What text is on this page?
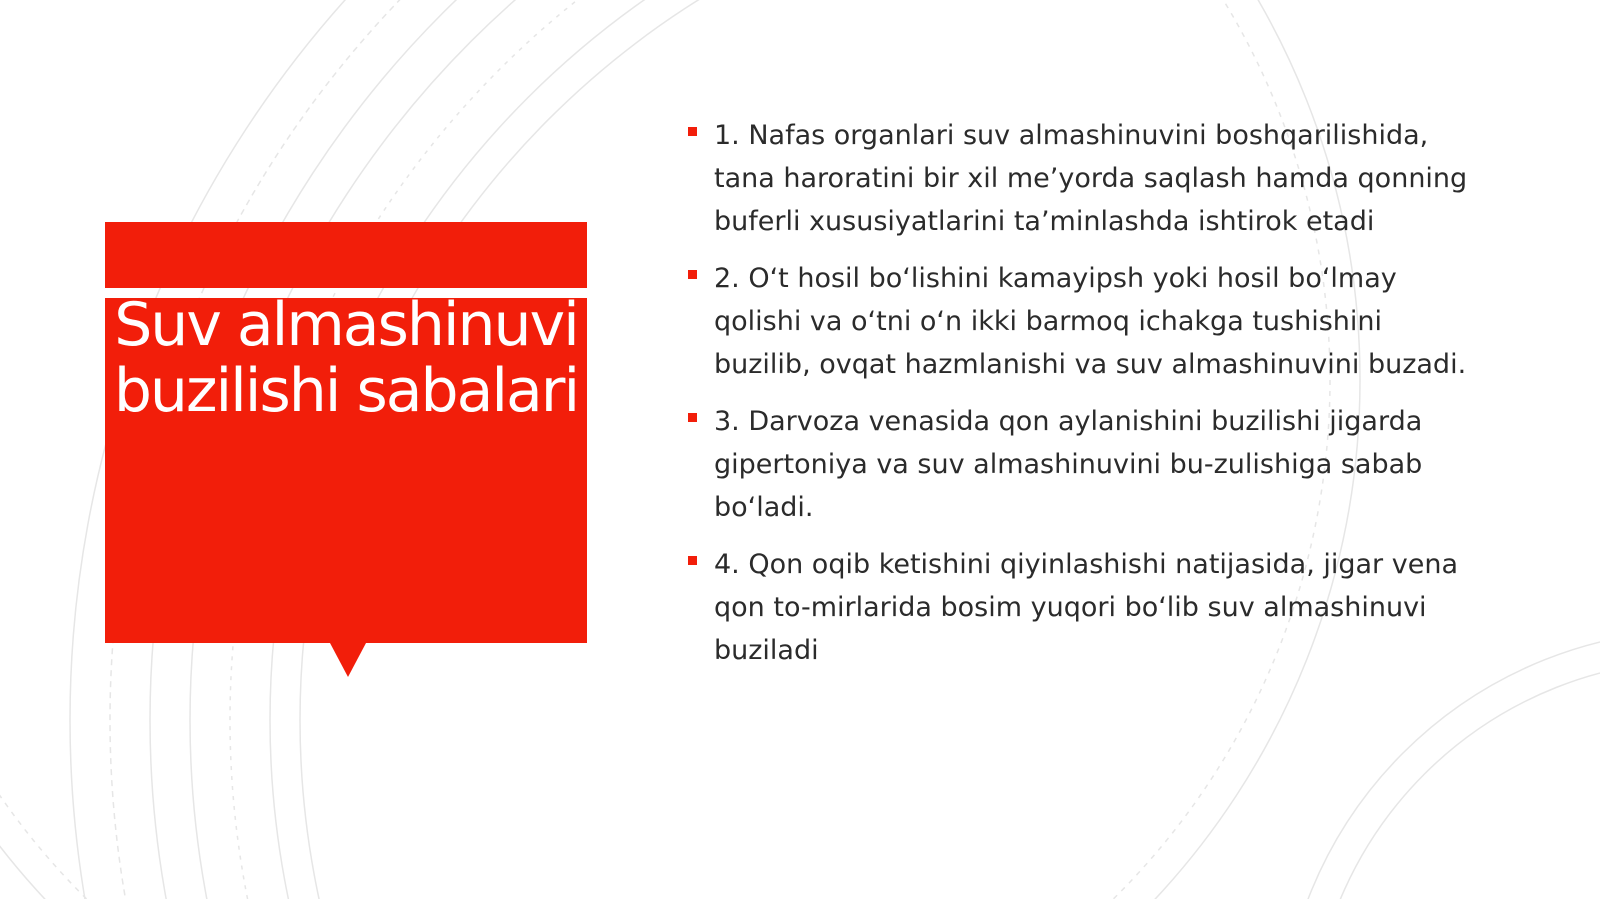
Suv almashinuvi buzilishi sabalari
1. Nafas organlari suv almashinuvini boshqarilishida, tana haroratini bir xil me’yorda saqlash hamda qonning buferli xususiyatlarini ta’minlashda ishtirok etadi
2. O‘t hosil bo‘lishini kamayipsh yoki hosil bo‘lmay qolishi va o‘tni o‘n ikki barmoq ichakga tushishini buzilib, ovqat hazmlanishi va suv almashinuvini buzadi.
3. Darvoza venasida qon aylanishini buzilishi jigarda gipertoniya va suv almashinuvini bu-zulishiga sabab bo‘ladi.
4. Qon oqib ketishini qiyinlashishi natijasida, jigar vena qon to-mirlarida bosim yuqori bo‘lib suv almashinuvi buziladi
